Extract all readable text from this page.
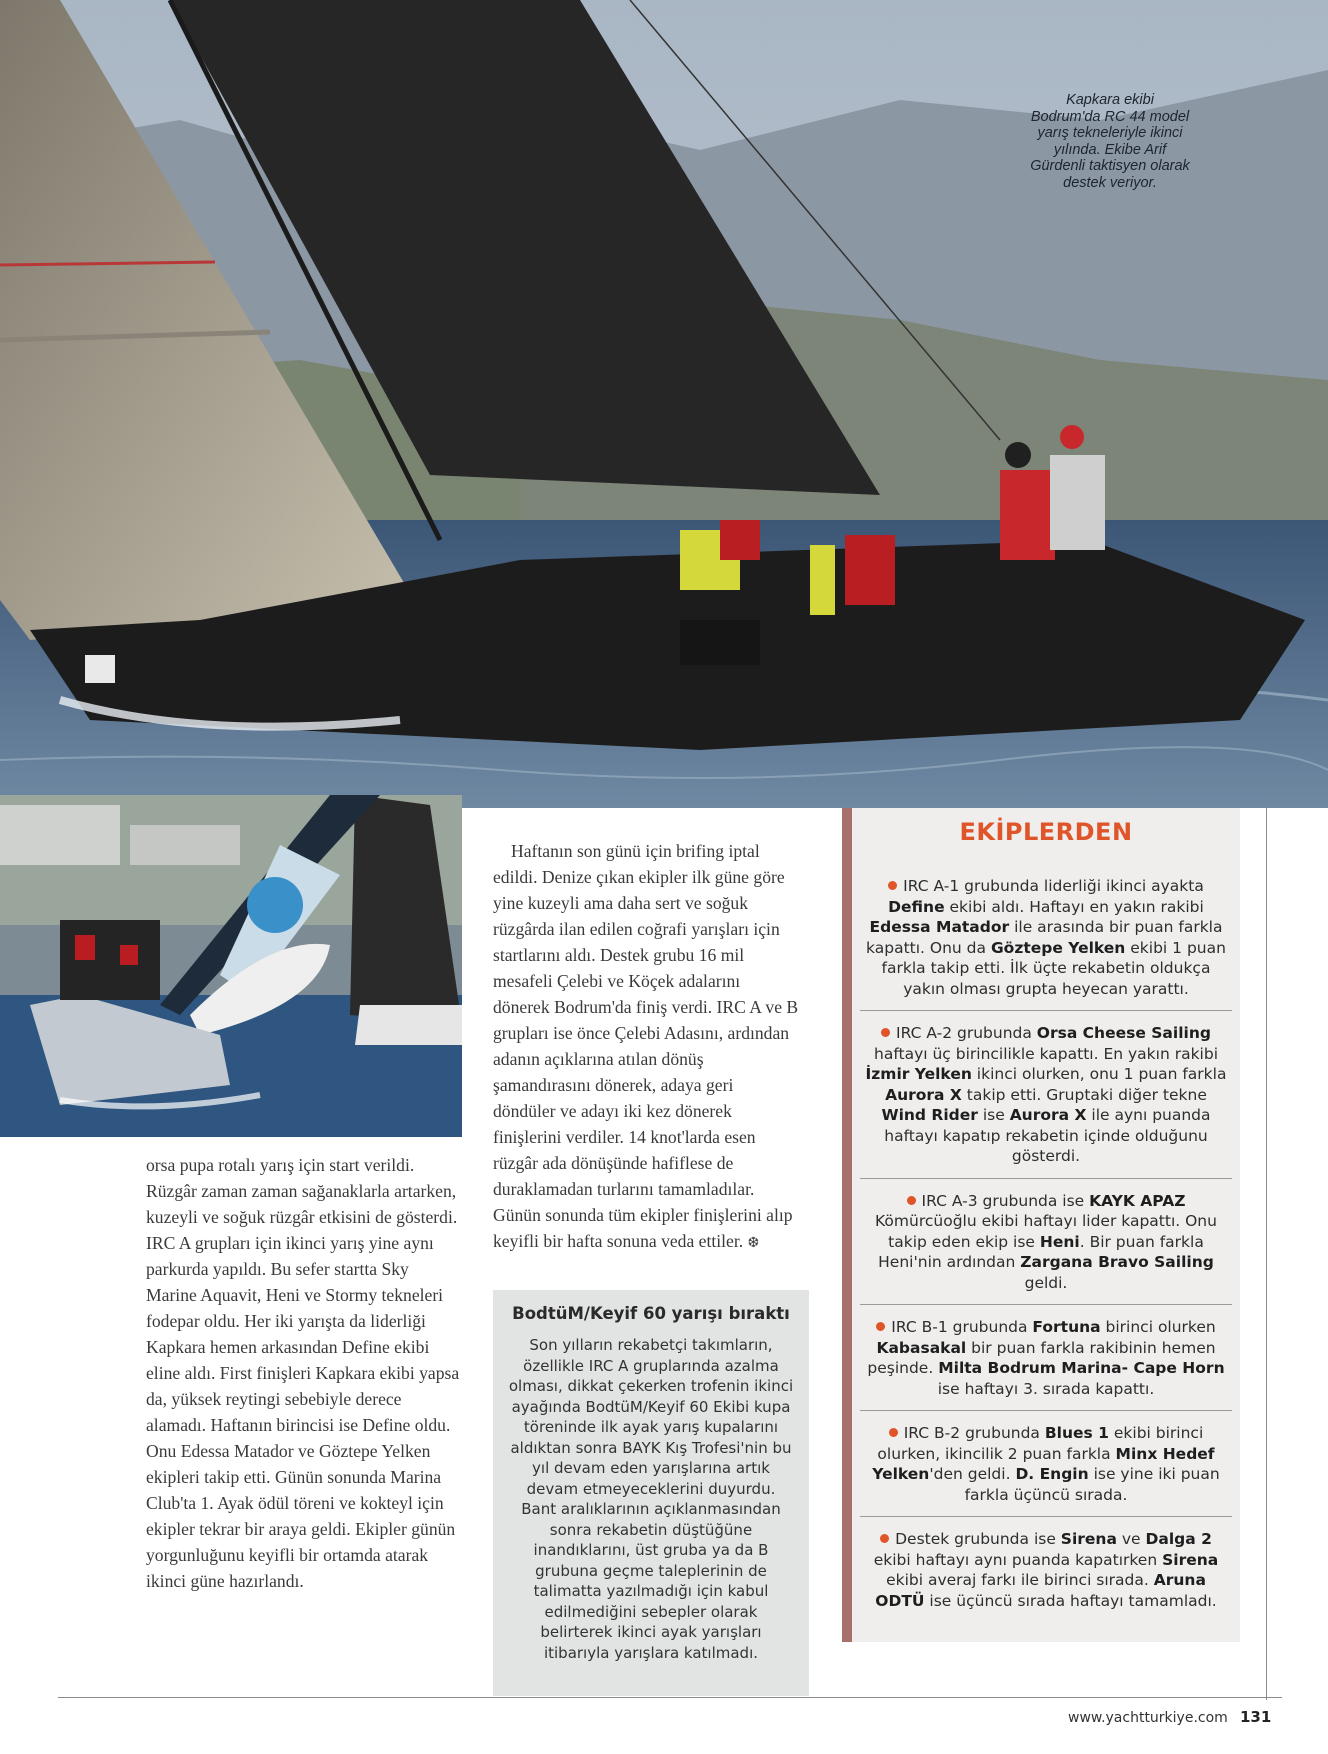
Kapkara ekibi Bodrum'da RC 44 model yarış tekneleriyle ikinci yılında. Ekibe Arif Gürdenli taktisyen olarak destek veriyor.

orsa pupa rotalı yarış için start verildi. Rüzgâr zaman zaman sağanaklarla artarken, kuzeyli ve soğuk rüzgâr etkisini de gösterdi. IRC A grupları için ikinci yarış yine aynı parkurda yapıldı. Bu sefer startta Sky Marine Aquavit, Heni ve Stormy tekneleri fodepar oldu. Her iki yarışta da liderliği Kapkara hemen arkasından Define ekibi eline aldı. First finişleri Kapkara ekibi yapsa da, yüksek reytingi sebebiyle derece alamadı. Haftanın birincisi ise Define oldu. Onu Edessa Matador ve Göztepe Yelken ekipleri takip etti. Günün sonunda Marina Club'ta 1. Ayak ödül töreni ve kokteyl için ekipler tekrar bir araya geldi. Ekipler günün yorgunluğunu keyifli bir ortamda atarak ikinci güne hazırlandı.

Haftanın son günü için brifing iptal edildi. Denize çıkan ekipler ilk güne göre yine kuzeyli ama daha sert ve soğuk rüzgârda ilan edilen coğrafi yarışları için startlarını aldı. Destek grubu 16 mil mesafeli Çelebi ve Köçek adalarını dönerek Bodrum'da finiş verdi. IRC A ve B grupları ise önce Çelebi Adasını, ardından adanın açıklarına atılan dönüş şamandırasını dönerek, adaya geri döndüler ve adayı iki kez dönerek finişlerini verdiler. 14 knot'larda esen rüzgâr ada dönüşünde hafiflese de duraklamadan turlarını tamamladılar. Günün sonunda tüm ekipler finişlerini alıp keyifli bir hafta sonuna veda ettiler. ❆

BodtüM/Keyif 60 yarışı bıraktı

Son yılların rekabetçi takımların, özellikle IRC A gruplarında azalma olması, dikkat çekerken trofenin ikinci ayağında BodtüM/Keyif 60 Ekibi kupa töreninde ilk ayak yarış kupalarını aldıktan sonra BAYK Kış Trofesi'nin bu yıl devam eden yarışlarına artık devam etmeyeceklerini duyurdu. Bant aralıklarının açıklanmasından sonra rekabetin düştüğüne inandıklarını, üst gruba ya da B grubuna geçme taleplerinin de talimatta yazılmadığı için kabul edilmediğini sebepler olarak belirterek ikinci ayak yarışları itibarıyla yarışlara katılmadı.

EKİPLERDEN
IRC A-1 grubunda liderliği ikinci ayakta Define ekibi aldı. Haftayı en yakın rakibi Edessa Matador ile arasında bir puan farkla kapattı. Onu da Göztepe Yelken ekibi 1 puan farkla takip etti. İlk üçte rekabetin oldukça yakın olması grupta heyecan yarattı.
IRC A-2 grubunda Orsa Cheese Sailing haftayı üç birincilikle kapattı. En yakın rakibi İzmir Yelken ikinci olurken, onu 1 puan farkla Aurora X takip etti. Gruptaki diğer tekne Wind Rider ise Aurora X ile aynı puanda haftayı kapatıp rekabetin içinde olduğunu gösterdi.
IRC A-3 grubunda ise KAYK APAZ Kömürcüoğlu ekibi haftayı lider kapattı. Onu takip eden ekip ise Heni. Bir puan farkla Heni'nin ardından Zargana Bravo Sailing geldi.
IRC B-1 grubunda Fortuna birinci olurken Kabasakal bir puan farkla rakibinin hemen peşinde. Milta Bodrum Marina- Cape Horn ise haftayı 3. sırada kapattı.
IRC B-2 grubunda Blues 1 ekibi birinci olurken, ikincilik 2 puan farkla Minx Hedef Yelken'den geldi. D. Engin ise yine iki puan farkla üçüncü sırada.
Destek grubunda ise Sirena ve Dalga 2 ekibi haftayı aynı puanda kapatırken Sirena ekibi averaj farkı ile birinci sırada. Aruna ODTÜ ise üçüncü sırada haftayı tamamladı.
www.yachtturkiye.com 131
